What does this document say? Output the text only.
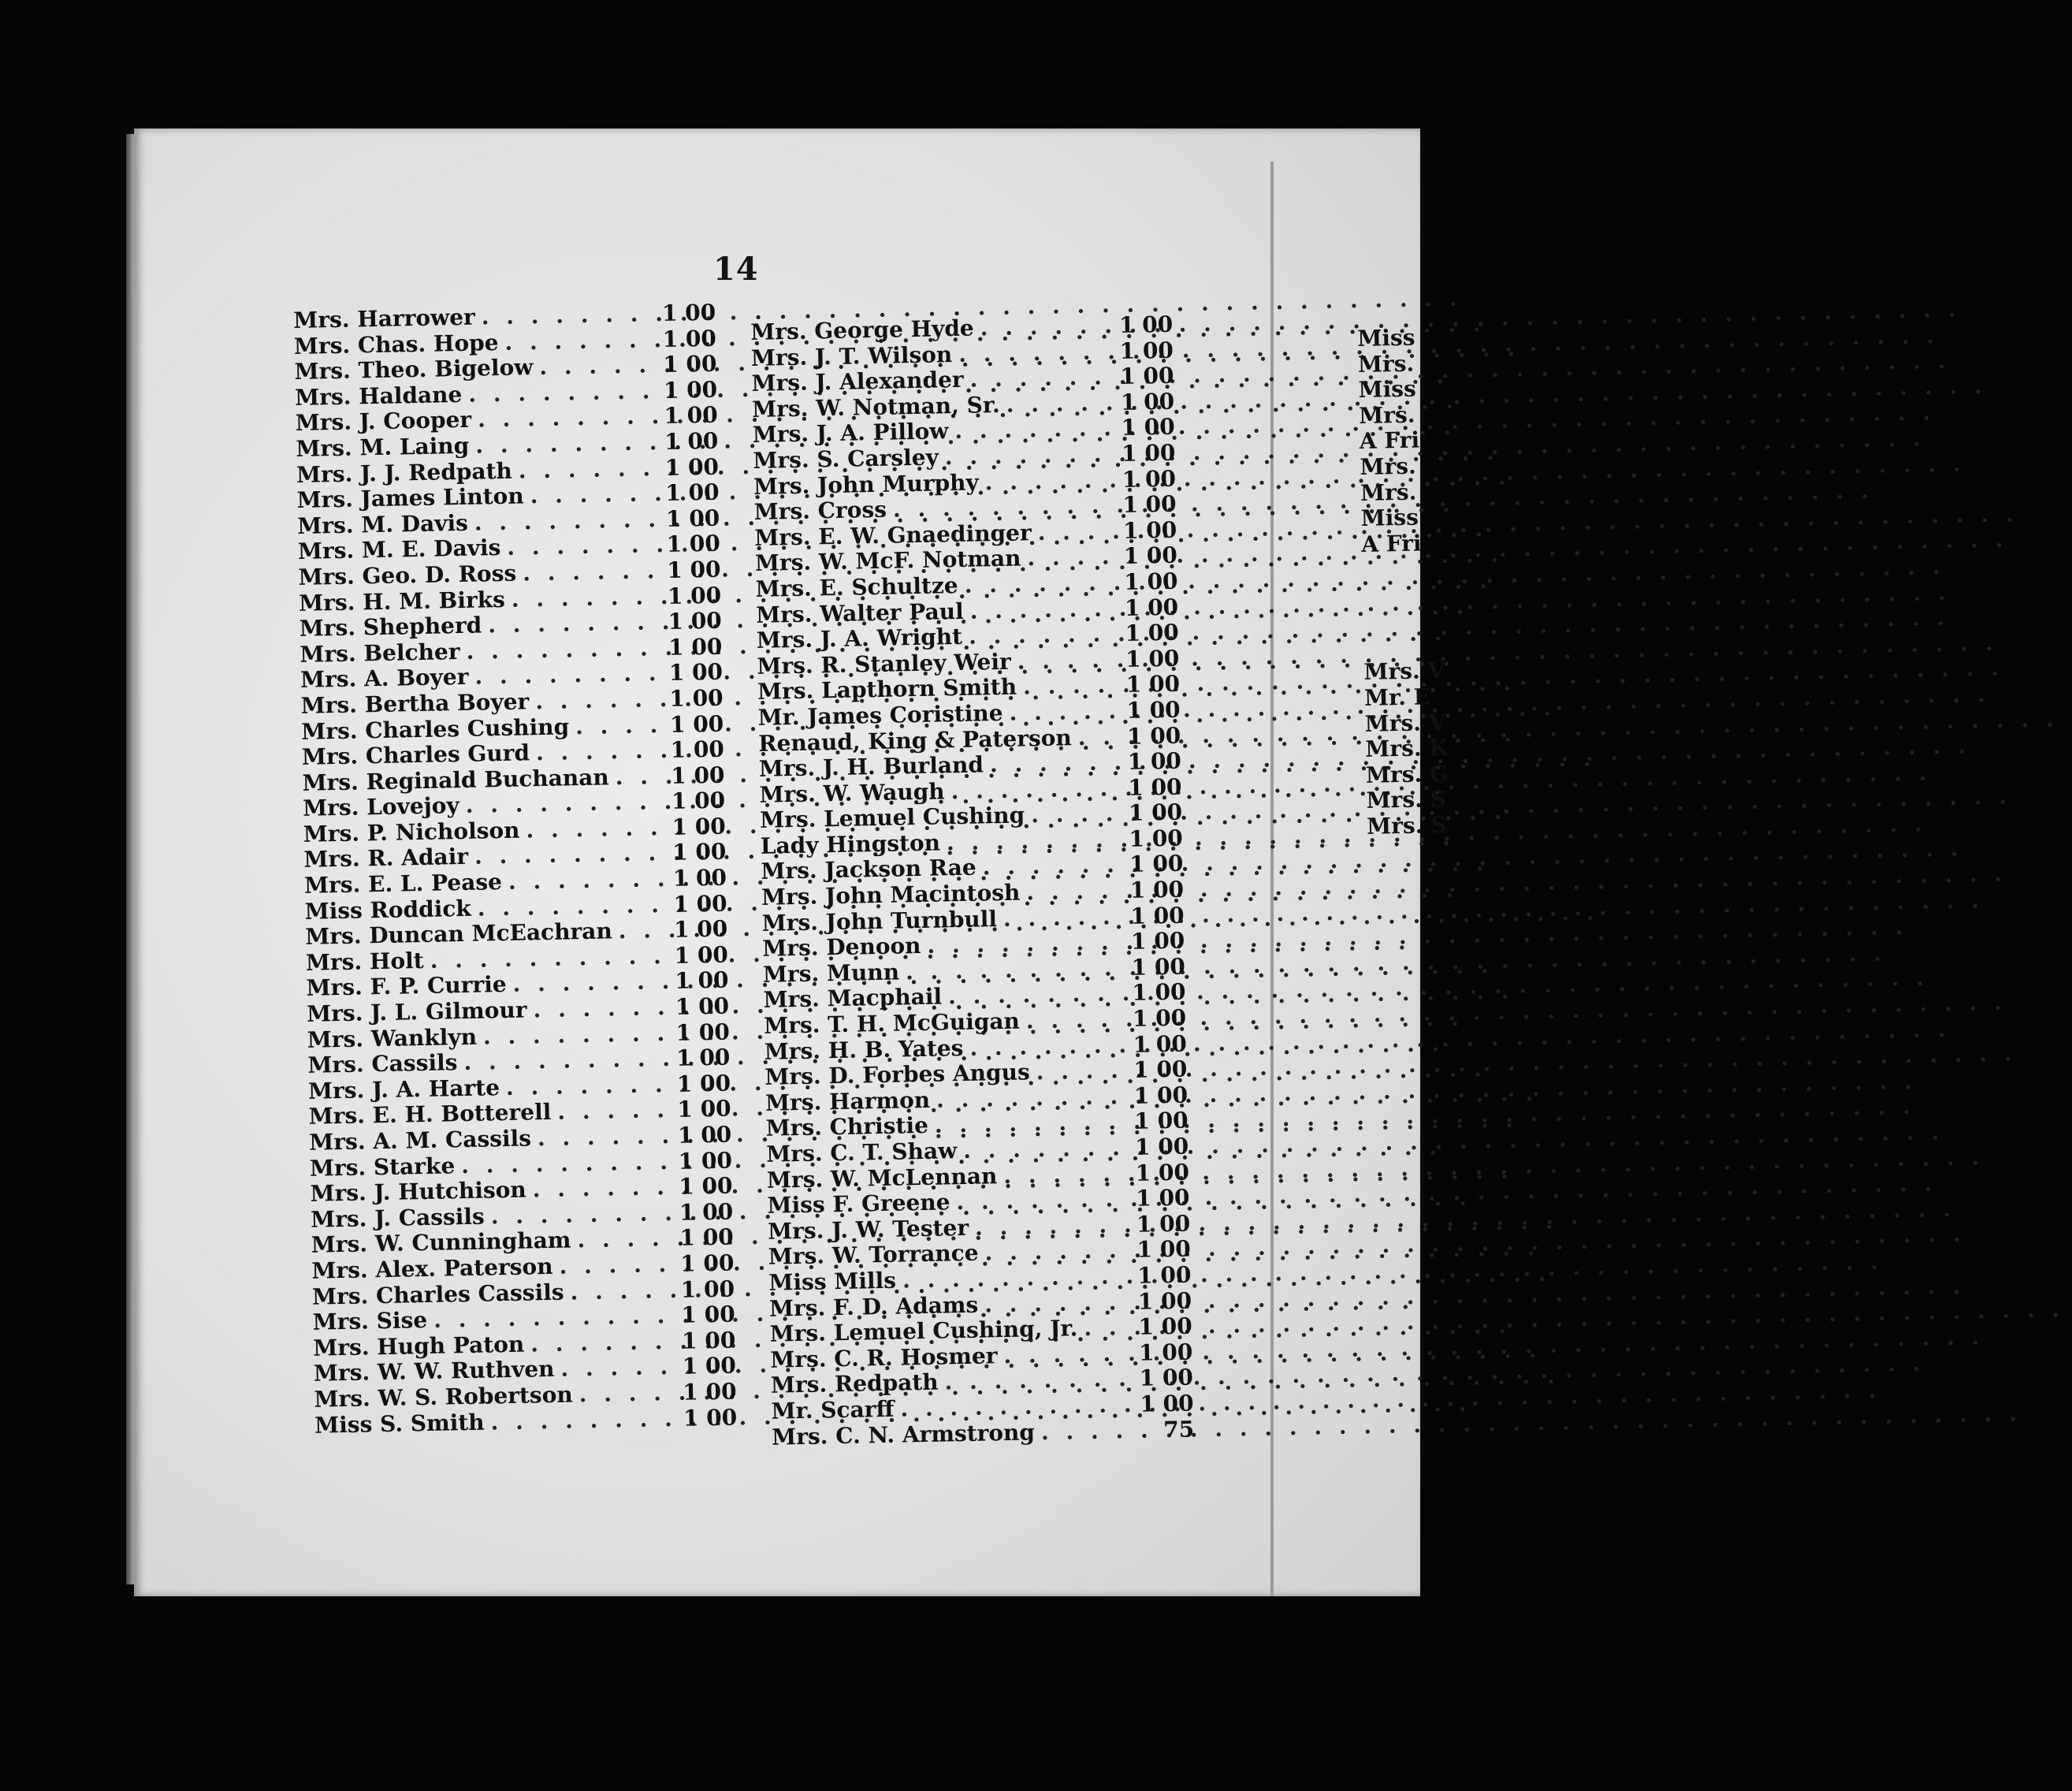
14
Mrs. Harrower . . .	1 00
Mrs. Chas. Hope . . .	1 00
Mrs. Theo. Bigelow . . .	1 00
Mrs. Haldane . . .	1 00
Mrs. J. Cooper . . .	1 00
Mrs. M. Laing . . .	1 00
Mrs. J. J. Redpath . . .	1 00
Mrs. James Linton . . .	1 00
Mrs. M. Davis . . .	1 00
Mrs. M. E. Davis . . .	1 00
Mrs. Geo. D. Ross . . .	1 00
Mrs. H. M. Birks . . .	1 00
Mrs. Shepherd . . .	1 00
Mrs. Belcher . . .	1 00
Mrs. A. Boyer . . .	1 00
Mrs. Bertha Boyer . . .	1 00
Mrs. Charles Cushing . . .	1 00
Mrs. Charles Gurd . . .	1 00
Mrs. Reginald Buchanan . . .	1 00
Mrs. Lovejoy . . .	1 00
Mrs. P. Nicholson . . .	1 00
Mrs. R. Adair . . .	1 00
Mrs. E. L. Pease . . .	1 00
Miss Roddick . . .	1 00
Mrs. Duncan McEachran . . .	1 00
Mrs. Holt . . .	1 00
Mrs. F. P. Currie . . .	1 00
Mrs. J. L. Gilmour . . .	1 00
Mrs. Wanklyn . . .	1 00
Mrs. Cassils . . .	1 00
Mrs. J. A. Harte . . .	1 00
Mrs. E. H. Botterell . . .	1 00
Mrs. A. M. Cassils . . .	1 00
Mrs. Starke . . .	1 00
Mrs. J. Hutchison . . .	1 00
Mrs. J. Cassils . . .	1 00
Mrs. W. Cunningham . . .	1 00
Mrs. Alex. Paterson . . .	1 00
Mrs. Charles Cassils . . .	1 00
Mrs. Sise . . .	1 00
Mrs. Hugh Paton . . .	1 00
Mrs. W. W. Ruthven . . .	1 00
Mrs. W. S. Robertson . . .	1 00
Miss S. Smith . . .	1 00
Mrs. George Hyde . . .	1 00
Mrs. J. T. Wilson . . .	1 00
Mrs. J. Alexander . . .	1 00
Mrs. W. Notman, Sr. . . .	1 00
Mrs. J. A. Pillow . . .	1 00
Mrs. S. Carsley . . .	1 00
Mrs. John Murphy . . .	1 00
Mrs. Cross . . .	1 00
Mrs. E. W. Gnaedinger . . .	1 00
Mrs. W. McF. Notman . . .	1 00
Mrs. E. Schultze . . .	1 00
Mrs. Walter Paul . . .	1 00
Mrs. J. A. Wright . . .	1 00
Mrs. R. Stanley Weir . . .	1 00
Mrs. Lapthorn Smith . . .	1 00
Mr. James Coristine . . .	1 00
Renaud, King & Paterson . . . 1 00
Mrs. J. H. Burland . . .	1 00
Mrs. W. Waugh . . .	1 00
Mrs. Lemuel Cushing . . .	1 00
Lady Hingston . . .	1 00
Mrs. Jackson Rae . . .	1 00
Mrs. John Macintosh . . .	1 00
Mrs. John Turnbull . . .	1 00
Mrs. Denoon . . .	1 00
Mrs. Munn . . .	1 00
Mrs. Macphail . . .	1 00
Mrs. T. H. McGuigan . . .	1 00
Mrs. H. B. Yates . . .	1 00
Mrs. D. Forbes Angus . . .	1 00
Mrs. Harmon . . .	1 00
Mrs. Christie . . .	1 00
Mrs. C. T. Shaw . . .	1 00
Mrs. W. McLennan . . .	1 00
Miss F. Greene . . .	1 00
Mrs. J. W. Tester . . .	1 00
Mrs. W. Torrance . . .	1 00
Miss Mills . . .	1 00
Mrs. F. D. Adams . . .	1 00
Mrs. Lemuel Cushing, Jr. . . .	1 00
Mrs. C. R. Hosmer . . .	1 00
Mrs. Redpath . . .	1 00
Mr. Scarff . . .	1 00
Mrs. C. N. Armstrong . . .	75
Miss
Mrs.
Miss
Mrs.
A Fri
Mrs.
Mrs.
Miss
A Fri
Mrs. V
Mr. E
Mrs. V
Mrs. K
Mrs. G
Mrs. S
Mrs. S
